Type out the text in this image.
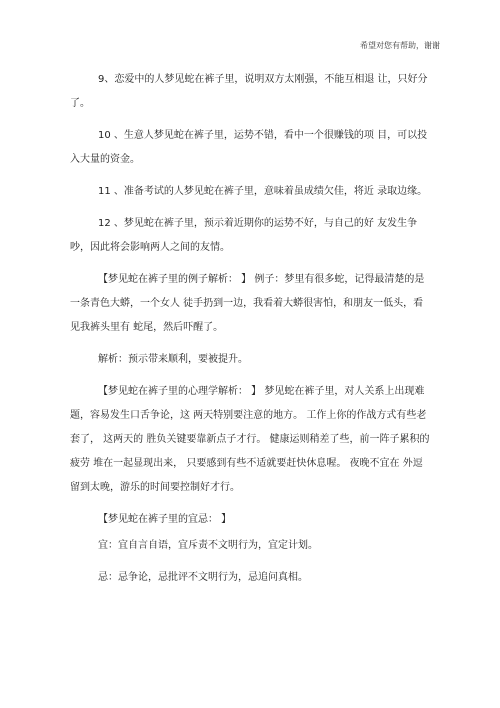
希望对您有帮助，谢谢

9、恋爱中的人梦见蛇在裤子里，说明双方太刚强，不能互相退 让，只好分了。

10 、生意人梦见蛇在裤子里，运势不错，看中一个很赚钱的项 目，可以投入大量的资金。

11 、准备考试的人梦见蛇在裤子里，意味着虽成绩欠佳，将近 录取边缘。

12 、梦见蛇在裤子里，预示着近期你的运势不好，与自己的好 友发生争吵，因此将会影响两人之间的友情。

【梦见蛇在裤子里的例子解析： 】 例子：梦里有很多蛇，记得最清楚的是一条青色大蟒，一个女人 徒手扔到一边，我看着大蟒很害怕，和朋友一低头，看见我裤头里有 蛇尾，然后吓醒了。

解析：预示带来顺利，要被提升。

【梦见蛇在裤子里的心理学解析： 】 梦见蛇在裤子里，对人关系上出现难题，容易发生口舌争论，这 两天特别要注意的地方。 工作上你的作战方式有些老套了， 这两天的 胜负关键要靠新点子才行。 健康运则稍差了些，前一阵子累积的疲劳 堆在一起显现出来， 只要感到有些不适就要赶快休息喔。 夜晚不宜在 外逗留到太晚，游乐的时间要控制好才行。

【梦见蛇在裤子里的宜忌： 】

宜：宜自言自语，宜斥责不文明行为，宜定计划。

忌：忌争论，忌批评不文明行为，忌追问真相。
